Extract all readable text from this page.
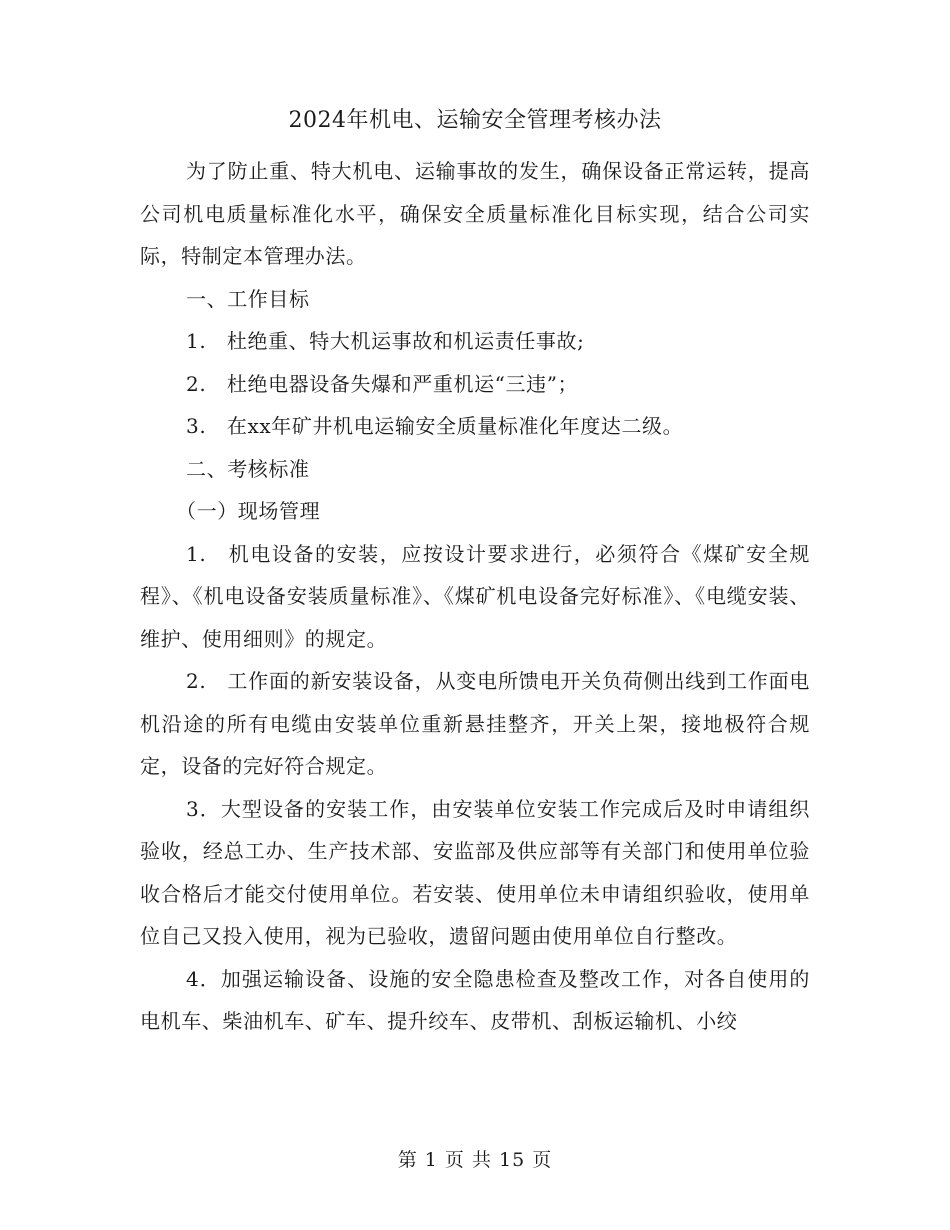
2024年机电、运输安全管理考核办法

为了防止重、特大机电、运输事故的发生，确保设备正常运转，提高公司机电质量标准化水平，确保安全质量标准化目标实现，结合公司实际，特制定本管理办法。

一、工作目标

1.　杜绝重、特大机运事故和机运责任事故;

2.　杜绝电器设备失爆和严重机运“三违”；

3.　在xx年矿井机电运输安全质量标准化年度达二级。

二、考核标准

（一）现场管理

1.　机电设备的安装，应按设计要求进行，必须符合《煤矿安全规程》、《机电设备安装质量标准》、《煤矿机电设备完好标准》、《电缆安装、维护、使用细则》的规定。

2.　工作面的新安装设备，从变电所馈电开关负荷侧出线到工作面电机沿途的所有电缆由安装单位重新悬挂整齐，开关上架，接地极符合规定，设备的完好符合规定。

3．大型设备的安装工作，由安装单位安装工作完成后及时申请组织验收，经总工办、生产技术部、安监部及供应部等有关部门和使用单位验收合格后才能交付使用单位。若安装、使用单位未申请组织验收，使用单位自己又投入使用，视为已验收，遗留问题由使用单位自行整改。

4．加强运输设备、设施的安全隐患检查及整改工作，对各自使用的电机车、柴油机车、矿车、提升绞车、皮带机、刮板运输机、小绞

第 1 页 共 15 页
